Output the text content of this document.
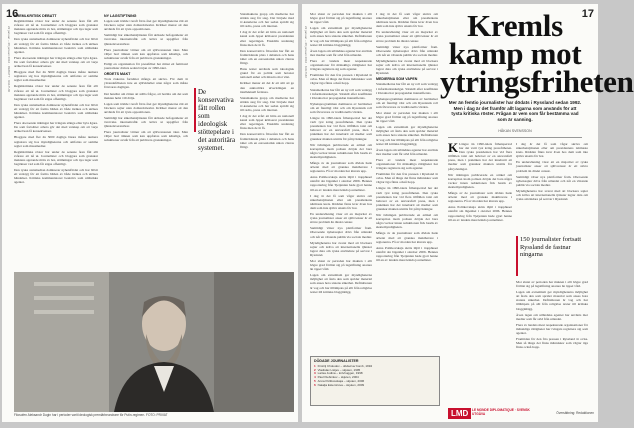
16
22 januari – 28 januari 2016 · DEBATT · KULTUR
KREMLKRITISK DEBATT

Regimkritiska röster har under de senaste åren fått allt svårare att nå ut. Journalister och bloggare som granskar maktens agerande möts av hot, stämningar och nya lagar som begränsar vad som får sägas offentligt.

Den ryska statsmedian dominerar nyhetsflödet och har blivit ett verktyg för att forma bilden av både inrikes och utrikes händelser. Kritiska kommentatorer beskrivs som utländska agenter.

Flera oberoende tidningar har tvingats stänga eller byta ägare. De som fortsätter arbeta gör det med vetskap om att varje artikel kan få konsekvenser.

Bloggare med fler än 3000 dagliga läsare måste numera registrera sig hos myndigheterna och omfattas av samma regler som massmedier.

Regimkritiska röster har under de senaste åren fått allt svårare att nå ut. Journalister och bloggare som granskar maktens agerande möts av hot, stämningar och nya lagar som begränsar vad som får sägas offentligt.

Den ryska statsmedian dominerar nyhetsflödet och har blivit ett verktyg för att forma bilden av både inrikes och utrikes händelser. Kritiska kommentatorer beskrivs som utländska agenter.

Flera oberoende tidningar har tvingats stänga eller byta ägare. De som fortsätter arbeta gör det med vetskap om att varje artikel kan få konsekvenser.

Bloggare med fler än 3000 dagliga läsare måste numera registrera sig hos myndigheterna och omfattas av samma regler som massmedier.

Regimkritiska röster har under de senaste åren fått allt svårare att nå ut. Journalister och bloggare som granskar maktens agerande möts av hot, stämningar och nya lagar som begränsar vad som får sägas offentligt.

Den ryska statsmedian dominerar nyhetsflödet och har blivit ett verktyg för att forma bilden av både inrikes och utrikes händelser. Kritiska kommentatorer beskrivs som utländska agenter.

NY LAGSTIFTNING

Lagen som trädde i kraft förra året ger myndigheterna rätt att blockera sajter utan domstolsbeslut. Kritiker menar att den används för att tysta oppositionen.

Samtidigt har säkerhetstjänsten fått utökade befogenheter att övervaka internettrafik och kräva ut uppgifter från tjänsteleverantörer.

Flera journalister vittnar om att självcensuren ökar. Man väljer bort ämnen som kan uppfattas som känsliga, och redaktioner avstår från att publicera granskningar.

Enligt en organisation för pressfrihet har minst ett femtiotal journalister dödats sedan början av 1990-talet.

ORDETS MAKT

Trots riskerna fortsätter många att skriva. För dem är yttrandefriheten inte en självklarhet utan något som måste försvaras dagligen.

Det handlar om rätten att ställa frågor, att berätta om det som makten helst vill dölja.

Lagen som trädde i kraft förra året ger myndigheterna rätt att blockera sajter utan domstolsbeslut. Kritiker menar att den används för att tysta oppositionen.

Samtidigt har säkerhetstjänsten fått utökade befogenheter att övervaka internettrafik och kräva ut uppgifter från tjänsteleverantörer.

Flera journalister vittnar om att självcensuren ökar. Man väljer bort ämnen som kan uppfattas som känsliga, och redaktioner avstår från att publicera granskningar.

De konservativa fått rollen som ideologisk stöttepelare i det autoritära systemet.

Statsmaktens grepp om medierna har stärkts steg för steg. Det började med tv-kanalerna och har sedan spridit sig till radio, press och internet.

I dag är det svårt att hitta en nationell kanal som öppet kritiserar presidenten eller regeringen. Enskilda undantag finns men de är få.

Den konservativa filosofen har fått en framträdande plats i debatten och hans idéer om en euroasiatisk union citeras flitigt.

Hans texter används som ideologisk grund för en politik som betonar nationell enhet och misstro mot väst.

Kritiker menar att det är ett sätt att ge den auktoritära utvecklingen en intellektuell fernissa.

Statsmaktens grepp om medierna har stärkts steg för steg. Det började med tv-kanalerna och har sedan spridit sig till radio, press och internet.

I dag är det svårt att hitta en nationell kanal som öppet kritiserar presidenten eller regeringen. Enskilda undantag finns men de är få.

Den konservativa filosofen har fått en framträdande plats i debatten och hans idéer om en euroasiatisk union citeras flitigt.

Filosofen Aleksandr Dugin har i perioder varit ideologisk premiärbeundrare för Putin-regimen. FOTO: PRIVAT
17
22 januari – 28 januari 2016 · KULTUR
Kremls
kamp mot
ytringsfriheten
Mer än femtio journalister har dödats i Ryssland sedan 1992. Men i dag är det framför allt lagarna som används för att tysta kritiska röster. Frågan är vem som får bestämma vad som är sanning.
HÅKAN SVENSSON

Mot slutet av perioden har makten i allt högre grad förlitat sig på lagstiftning snarare än öppet våld.

Lagen om extremism ger myndigheterna möjlighet att åtala den som sprider material som anses hota statens säkerhet. Definitionen är vag och har tillämpats på allt från religiösa texter till kritiska blogginlägg.

Även lagen om utländska agenter har använts mot medier som får stöd från utlandet.

Flera av landets mest respekterade organisationer för mänskliga rättigheter har tvingats registrera sig som agenter.

Framtiden för den fria pressen i Ryssland är oviss. Men så länge det finns människor som vägrar tiga finns också hopp.

Statsmedierna har fått en ny roll som verktyg i informationskriget. Särskilt efter konflikten i Ukraina har propagandan intensifierats.

Nyhetsprogrammen domineras av berättelser om ett fientligt väst och om Rysslands roll som försvarare av traditionella värden.

Längre än 1990-talets frihetsperiod har det varit tyst kring pressfriheten. Den ryska presidenten har vid flera tillfällen talat om behovet av en ansvarsfull press, men i praktiken har det inneburit att medier som granskar makten utsätts för påtryckningar.

När tidningen publicerade en artikel om korruption inom polisen dröjde det bara några veckor innan redaktionen fick besök av skattemyndigheten.

Många av de journalister som dödats hade arbetat med att granska makthavare i regionerna. Få av morden har klarats upp.

Anna Politkovskaja sköts ihjäl i trapphuset utanför sin lägenhet i oktober 2006. Hennes rapportering från Tjetjenien hade gjort henne till en av landets mest kända journalister.

I dag är det få som vågar skriva om säkerhetstjänsten eller om presidentens närmaste krets. Rädslan finns kvar även hos dem som inte själva utsatts för hot.

En undersökning visar att en majoritet av ryska journalister anser att självcensur är ett större problem än direkt censur.

Samtidigt växer nya plattformar fram. Oberoende nyhetssajter drivs från utlandet och når en växande publik via sociala medier.

Myndigheterna har svarat med att blockera sajter och kräva att internationella tjänster lagrar data om ryska användare på servrar i Ryssland.

Mot slutet av perioden har makten i allt högre grad förlitat sig på lagstiftning snarare än öppet våld.

Lagen om extremism ger myndigheterna möjlighet att åtala den som sprider material som anses hota statens säkerhet. Definitionen är vag och har tillämpats på allt från religiösa texter till kritiska blogginlägg.

I dag är det få som vågar skriva om säkerhetstjänsten eller om presidentens närmaste krets. Rädslan finns kvar även hos dem som inte själva utsatts för hot.

En undersökning visar att en majoritet av ryska journalister anser att självcensur är ett större problem än direkt censur.

Samtidigt växer nya plattformar fram. Oberoende nyhetssajter drivs från utlandet och når en växande publik via sociala medier.

Myndigheterna har svarat med att blockera sajter och kräva att internationella tjänster lagrar data om ryska användare på servrar i Ryssland.

MEDIERNA SOM VAPEN

Statsmedierna har fått en ny roll som verktyg i informationskriget. Särskilt efter konflikten i Ukraina har propagandan intensifierats.

Nyhetsprogrammen domineras av berättelser om ett fientligt väst och om Rysslands roll som försvarare av traditionella värden.

Mot slutet av perioden har makten i allt högre grad förlitat sig på lagstiftning snarare än öppet våld.

Lagen om extremism ger myndigheterna möjlighet att åtala den som sprider material som anses hota statens säkerhet. Definitionen är vag och har tillämpats på allt från religiösa texter till kritiska blogginlägg.

Även lagen om utländska agenter har använts mot medier som får stöd från utlandet.

Flera av landets mest respekterade organisationer för mänskliga rättigheter har tvingats registrera sig som agenter.

Framtiden för den fria pressen i Ryssland är oviss. Men så länge det finns människor som vägrar tiga finns också hopp.

Längre än 1990-talets frihetsperiod har det varit tyst kring pressfriheten. Den ryska presidenten har vid flera tillfällen talat om behovet av en ansvarsfull press, men i praktiken har det inneburit att medier som granskar makten utsätts för påtryckningar.

När tidningen publicerade en artikel om korruption inom polisen dröjde det bara några veckor innan redaktionen fick besök av skattemyndigheten.

Många av de journalister som dödats hade arbetat med att granska makthavare i regionerna. Få av morden har klarats upp.

Anna Politkovskaja sköts ihjäl i trapphuset utanför sin lägenhet i oktober 2006. Hennes rapportering från Tjetjenien hade gjort henne till en av landets mest kända journalister.

K Längre än 1990-talets frihetsperiod har det varit tyst kring pressfriheten. Den ryska presidenten har vid flera tillfällen talat om behovet av en ansvarsfull press, men i praktiken har det inneburit att medier som granskar makten utsätts för påtryckningar.

När tidningen publicerade en artikel om korruption inom polisen dröjde det bara några veckor innan redaktionen fick besök av skattemyndigheten.

Många av de journalister som dödats hade arbetat med att granska makthavare i regionerna. Få av morden har klarats upp.

Anna Politkovskaja sköts ihjäl i trapphuset utanför sin lägenhet i oktober 2006. Hennes rapportering från Tjetjenien hade gjort henne till en av landets mest kända journalister.

150 journalister fortsatt Ryssland de fastnar ningarna

I dag är det få som vågar skriva om säkerhetstjänsten eller om presidentens närmaste krets. Rädslan finns kvar även hos dem som inte själva utsatts för hot.

En undersökning visar att en majoritet av ryska journalister anser att självcensur är ett större problem än direkt censur.

Samtidigt växer nya plattformar fram. Oberoende nyhetssajter drivs från utlandet och når en växande publik via sociala medier.

Myndigheterna har svarat med att blockera sajter och kräva att internationella tjänster lagrar data om ryska användare på servrar i Ryssland.

Mot slutet av perioden har makten i allt högre grad förlitat sig på lagstiftning snarare än öppet våld.

Lagen om extremism ger myndigheterna möjlighet att åtala den som sprider material som anses hota statens säkerhet. Definitionen är vag och har tillämpats på allt från religiösa texter till kritiska blogginlägg.

Även lagen om utländska agenter har använts mot medier som får stöd från utlandet.

Flera av landets mest respekterade organisationer för mänskliga rättigheter har tvingats registrera sig som agenter.

Framtiden för den fria pressen i Ryssland är oviss. Men så länge det finns människor som vägrar tiga finns också hopp.

DÖDADE JOURNALISTER
1 Dmitrij Cholodov – dödad av bomb, 1994
2 Vladislav Listjev – skjuten, 1995
3 Larisa Judina – knivhuggen, 1998
4 Paul Klebnikov – skjuten, 2004
5 Anna Politkovskaja – skjuten, 2006
6 Natalja Estemirova – skjuten, 2009
LMD	LE MONDE DIPLOMATIQUE · SVENSK UTGÅVA	Översättning: Redaktionen
